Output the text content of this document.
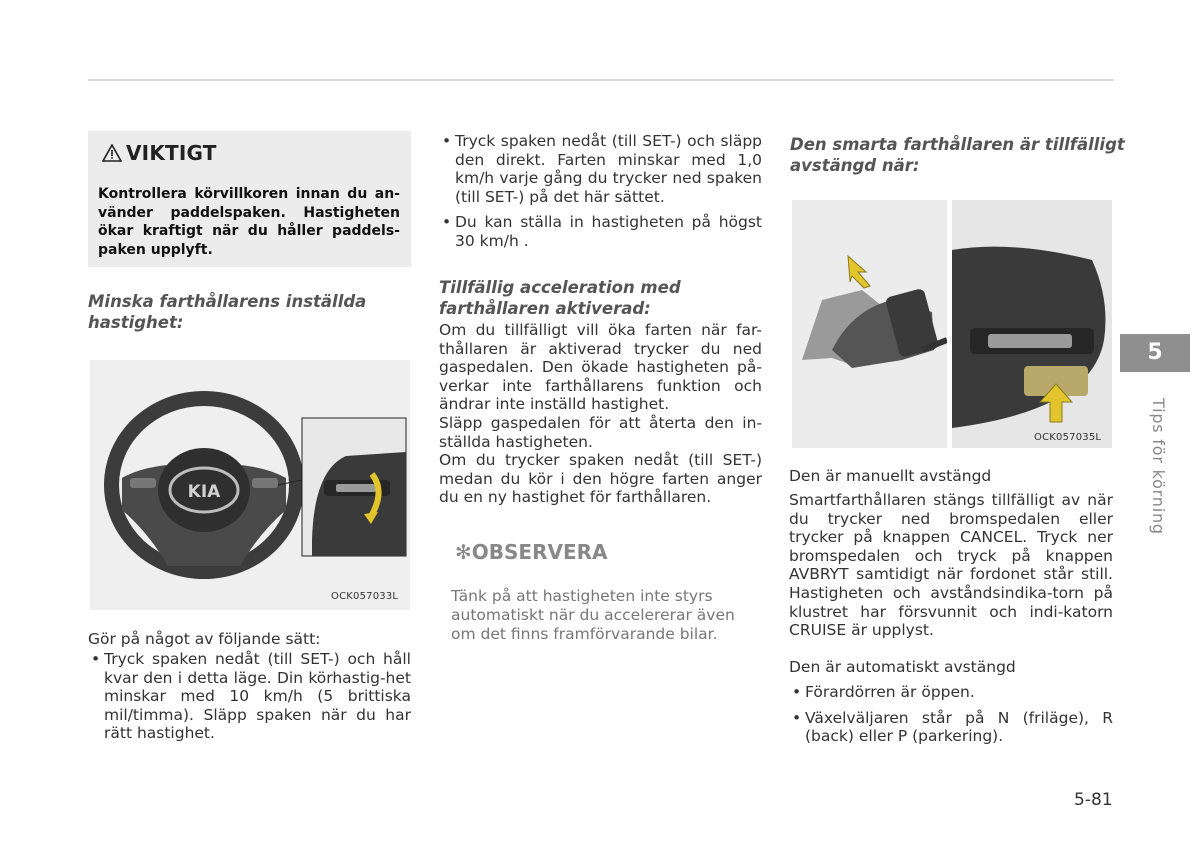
VIKTIGT
Kontrollera körvillkoren innan du an-vänder paddelspaken. Hastigheten ökar kraftigt när du håller paddels-paken upplyft.
Minska farthållarens inställda
hastighet:
KIA
OCK057033L
Gör på något av följande sätt:
• Tryck spaken nedåt (till SET-) och håll kvar den i detta läge. Din körhastig-het minskar med 10 km/h (5 brittiska mil/timma). Släpp spaken när du har rätt hastighet.
• Tryck spaken nedåt (till SET-) och släpp den direkt. Farten minskar med 1,0 km/h varje gång du trycker ned spaken (till SET-) på det här sättet.
• Du kan ställa in hastigheten på högst 30 km/h .
Tillfällig acceleration med
farthållaren aktiverad:

Om du tillfälligt vill öka farten när far-thållaren är aktiverad trycker du ned gaspedalen. Den ökade hastigheten på-verkar inte farthållarens funktion och ändrar inte inställd hastighet.

Släpp gaspedalen för att återta den in-ställda hastigheten.

Om du trycker spaken nedåt (till SET-) medan du kör i den högre farten anger du en ny hastighet för farthållaren.

✻OBSERVERA
Tänk på att hastigheten inte styrs automatiskt när du accelererar även om det finns framförvarande bilar.
Den smarta farthållaren är tillfälligt
avstängd när:
OCK057035L
Den är manuellt avstängd
Smartfarthållaren stängs tillfälligt av när du trycker ned bromspedalen eller trycker på knappen CANCEL. Tryck ner bromspedalen och tryck på knappen AVBRYT samtidigt när fordonet står still. Hastigheten och avståndsindika-torn på klustret har försvunnit och indi-katorn CRUISE är upplyst.
Den är automatiskt avstängd
• Förardörren är öppen.
• Växelväljaren står på N (friläge), R (back) eller P (parkering).
5
Tips för körning
5-81
